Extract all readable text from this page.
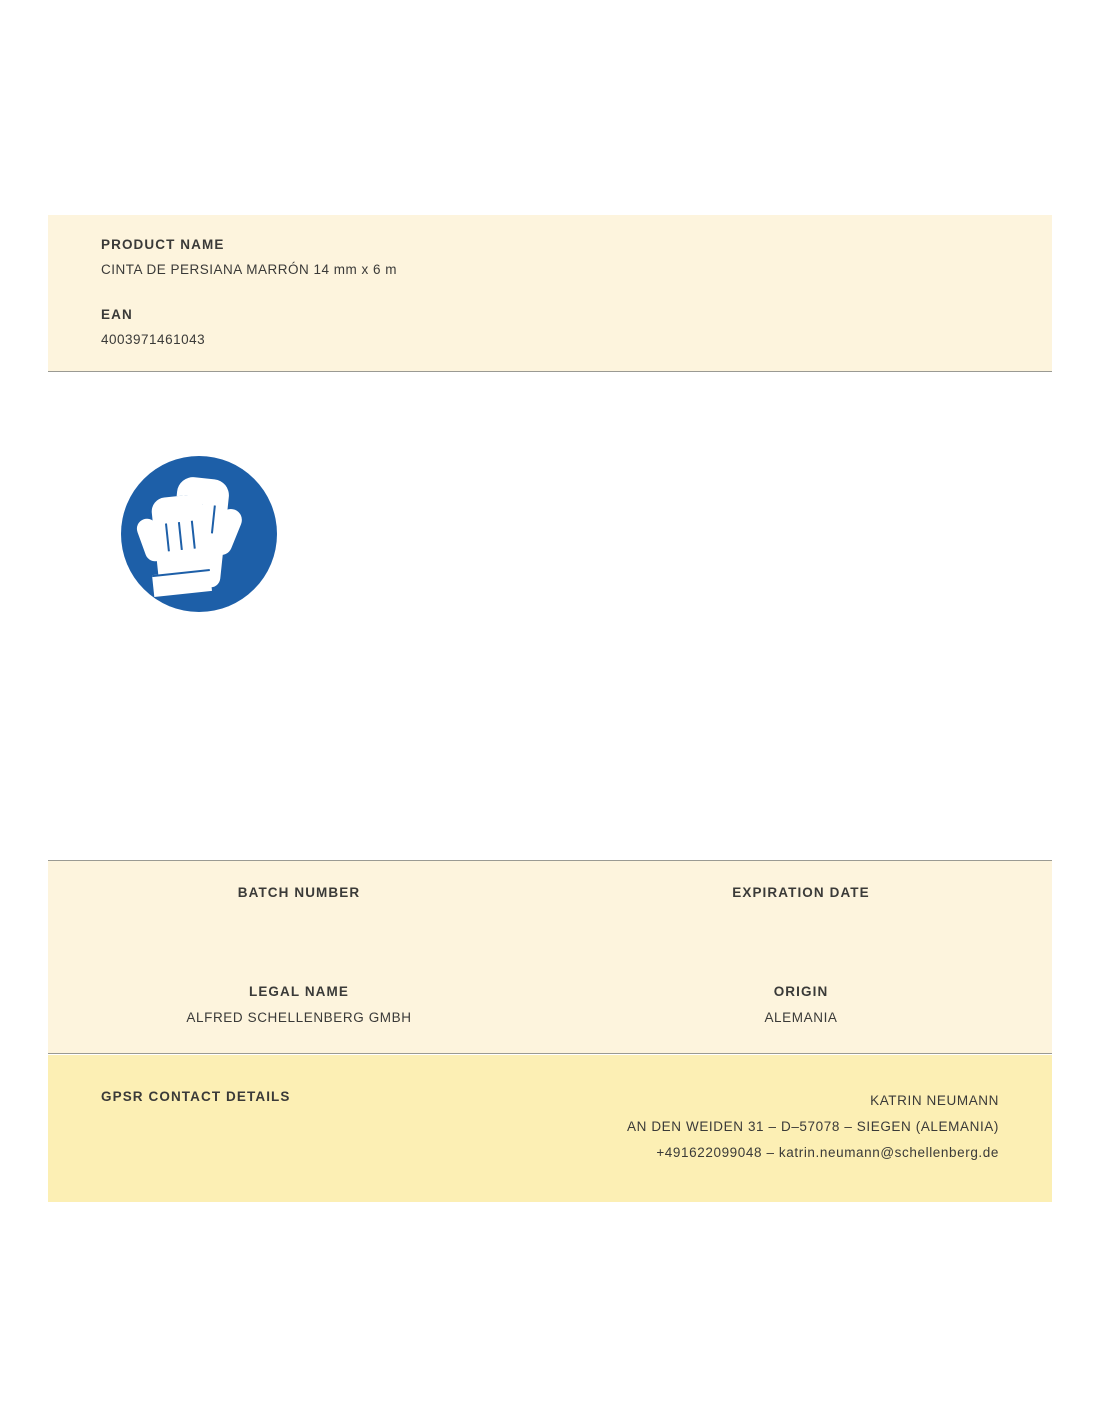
PRODUCT NAME
CINTA DE PERSIANA MARRÓN 14 mm x 6 m
EAN
4003971461043
BATCH NUMBER	EXPIRATION DATE
LEGAL NAME
ALFRED SCHELLENBERG GMBH
ORIGIN
ALEMANIA
GPSR CONTACT DETAILS	KATRIN NEUMANN
AN DEN WEIDEN 31 – D–57078 – SIEGEN (ALEMANIA)
+491622099048 – katrin.neumann@schellenberg.de
